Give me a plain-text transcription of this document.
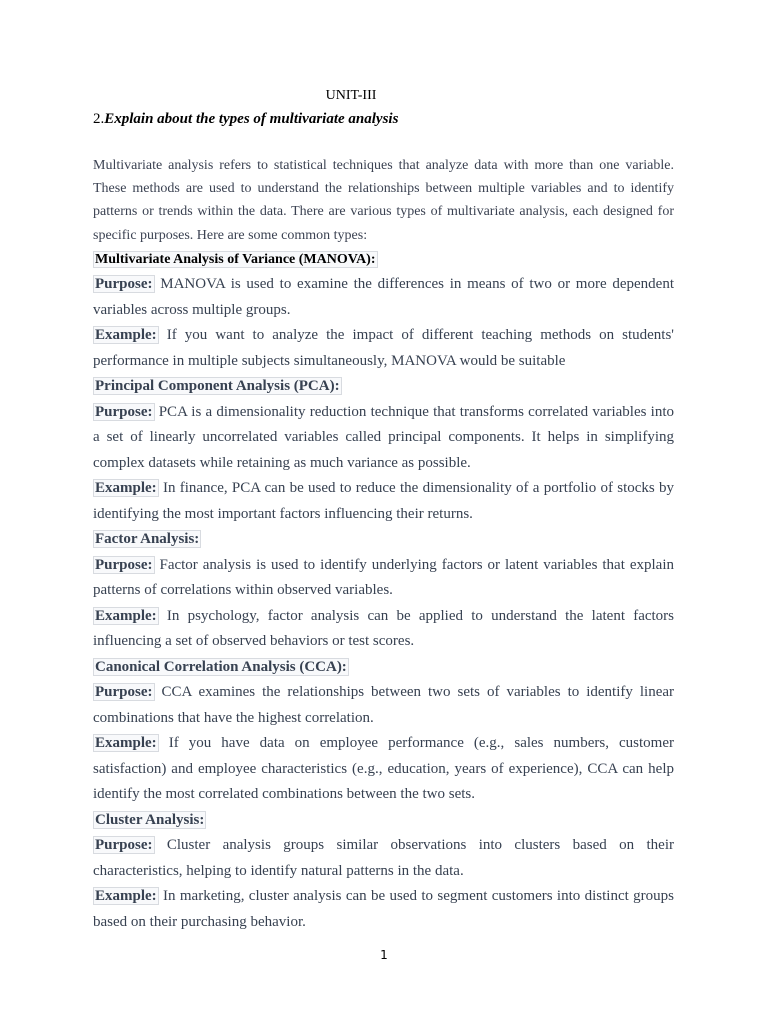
UNIT-III
2.Explain about the types of multivariate analysis

Multivariate analysis refers to statistical techniques that analyze data with more than one variable. These methods are used to understand the relationships between multiple variables and to identify patterns or trends within the data. There are various types of multivariate analysis, each designed for specific purposes. Here are some common types:

Multivariate Analysis of Variance (MANOVA):

Purpose: MANOVA is used to examine the differences in means of two or more dependent variables across multiple groups.

Example: If you want to analyze the impact of different teaching methods on students' performance in multiple subjects simultaneously, MANOVA would be suitable

Principal Component Analysis (PCA):

Purpose: PCA is a dimensionality reduction technique that transforms correlated variables into a set of linearly uncorrelated variables called principal components. It helps in simplifying complex datasets while retaining as much variance as possible.

Example: In finance, PCA can be used to reduce the dimensionality of a portfolio of stocks by identifying the most important factors influencing their returns.

Factor Analysis:

Purpose: Factor analysis is used to identify underlying factors or latent variables that explain patterns of correlations within observed variables.

Example: In psychology, factor analysis can be applied to understand the latent factors influencing a set of observed behaviors or test scores.

Canonical Correlation Analysis (CCA):

Purpose: CCA examines the relationships between two sets of variables to identify linear combinations that have the highest correlation.

Example: If you have data on employee performance (e.g., sales numbers, customer satisfaction) and employee characteristics (e.g., education, years of experience), CCA can help identify the most correlated combinations between the two sets.

Cluster Analysis:

Purpose: Cluster analysis groups similar observations into clusters based on their characteristics, helping to identify natural patterns in the data.

Example: In marketing, cluster analysis can be used to segment customers into distinct groups based on their purchasing behavior.

1
